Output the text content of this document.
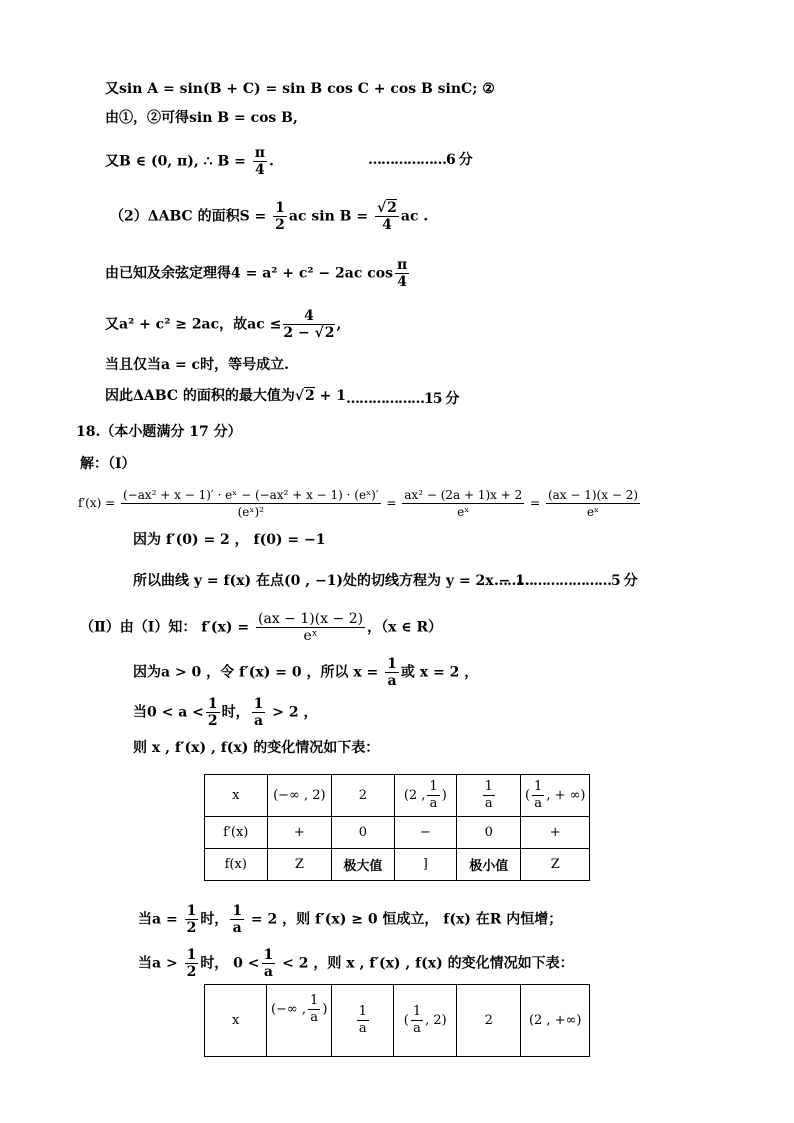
又sin A = sin(B + C) = sin B cos C + cos B sinC; ②
由①，②可得sin B = cos B,
又B ∈ (0, π), ∴ $B = \frac{\pi}{4}$ .	………………6 分
（2）ΔABC 的面积$S = \frac{1}{2}$ ac $\sin B = \frac{√2}{4}$ ac .
由已知及余弦定理得4 = a² + c² − 2ac $\cos \frac{\pi}{4}$
又a² + c² ≥ 2ac，故ac ≤ $\frac{4}{2 - √2}$ ,
当且仅当a = c时，等号成立.
因此ΔABC 的面积的最大值为√2 + 1 ………………15 分
18.（本小题满分 17 分）
解：（Ⅰ）
$f'(x) = \frac{\text{(−ax² + x − 1)′ · eˣ − (−ax² + x − 1) · (eˣ)′}}{\text{(eˣ)²}} = \frac{\text{ax² − (2a + 1)x + 2}}{\text{eˣ}} = \frac{(ax - 1)(x - 2)}{\text{eˣ}}$
因为 f′(0) = 2 ， f(0) = −1
所以曲线 y = f(x) 在点(0 , −1)处的切线方程为 y = 2x − 1.
………………………5 分
（Ⅱ）由（Ⅰ）知： $f'(x) = \frac{(ax - 1)(x - 2)}{\text{eˣ}}$ ，（x ∈ R）
因为a > 0 ，令 f′(x) = 0 ，所以 $x = \frac{1}{a}$ 或 x = 2 ，
当$0 < a < \frac{1}{2}$ 时， $\frac{1}{a} > 2$ ，
则 x , f′(x) , f(x) 的变化情况如下表：
x	(−∞ , 2)	2	(2 , $\frac{1}{a}$ )	$\frac{1}{a}$	( $\frac{1}{a}$ , + ∞)
f′(x)	+	0	−	0	+
f(x)	Z	极大值	]	极小值	Z
当$a = \frac{1}{2}$ 时， $\frac{1}{a} = 2$ ，则 f′(x) ≥ 0 恒成立， f(x) 在R 内恒增；
当$a > \frac{1}{2}$ 时， $0 < \frac{1}{a} < 2$ ，则 x , f′(x) , f(x) 的变化情况如下表：
x	(−∞ , $\frac{1}{a}$ )	$\frac{1}{a}$	( $\frac{1}{a}$ , 2)	2	(2 , +∞)
